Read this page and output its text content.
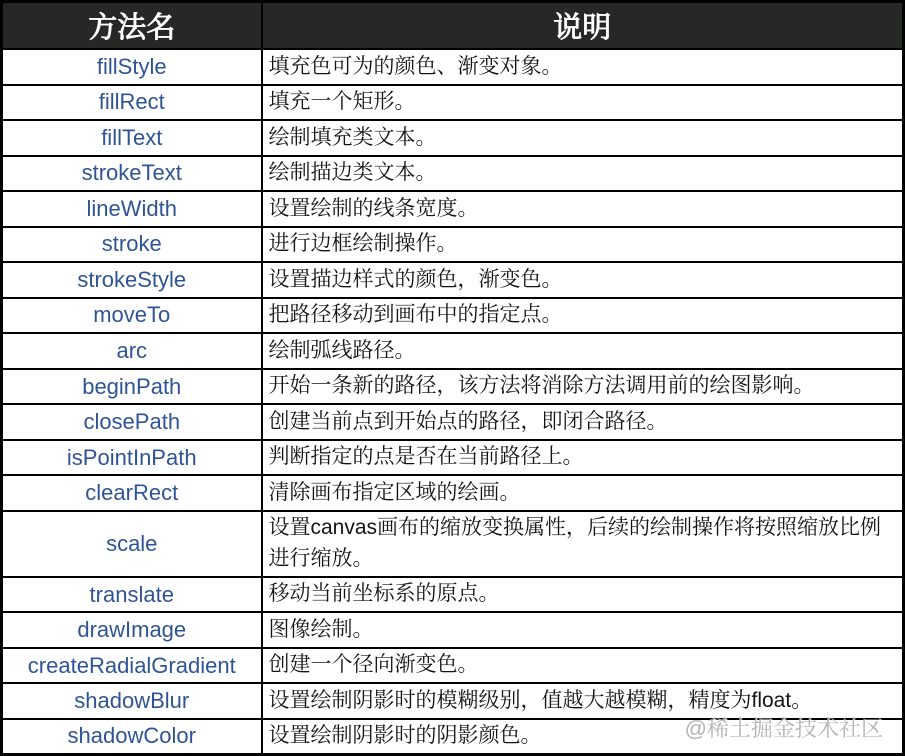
方法名	说明
fillStyle	填充色可为的颜色、渐变对象。
fillRect	填充一个矩形。
fillText	绘制填充类文本。
strokeText	绘制描边类文本。
lineWidth	设置绘制的线条宽度。
stroke	进行边框绘制操作。
strokeStyle	设置描边样式的颜色，渐变色。
moveTo	把路径移动到画布中的指定点。
arc	绘制弧线路径。
beginPath	开始一条新的路径，该方法将消除方法调用前的绘图影响。
closePath	创建当前点到开始点的路径，即闭合路径。
isPointInPath	判断指定的点是否在当前路径上。
clearRect	清除画布指定区域的绘画。
scale	设置canvas画布的缩放变换属性，后续的绘制操作将按照缩放比例进行缩放。
translate	移动当前坐标系的原点。
drawImage	图像绘制。
createRadialGradient	创建一个径向渐变色。
shadowBlur	设置绘制阴影时的模糊级别，值越大越模糊，精度为float。
shadowColor	设置绘制阴影时的阴影颜色。	@稀土掘金技术社区
